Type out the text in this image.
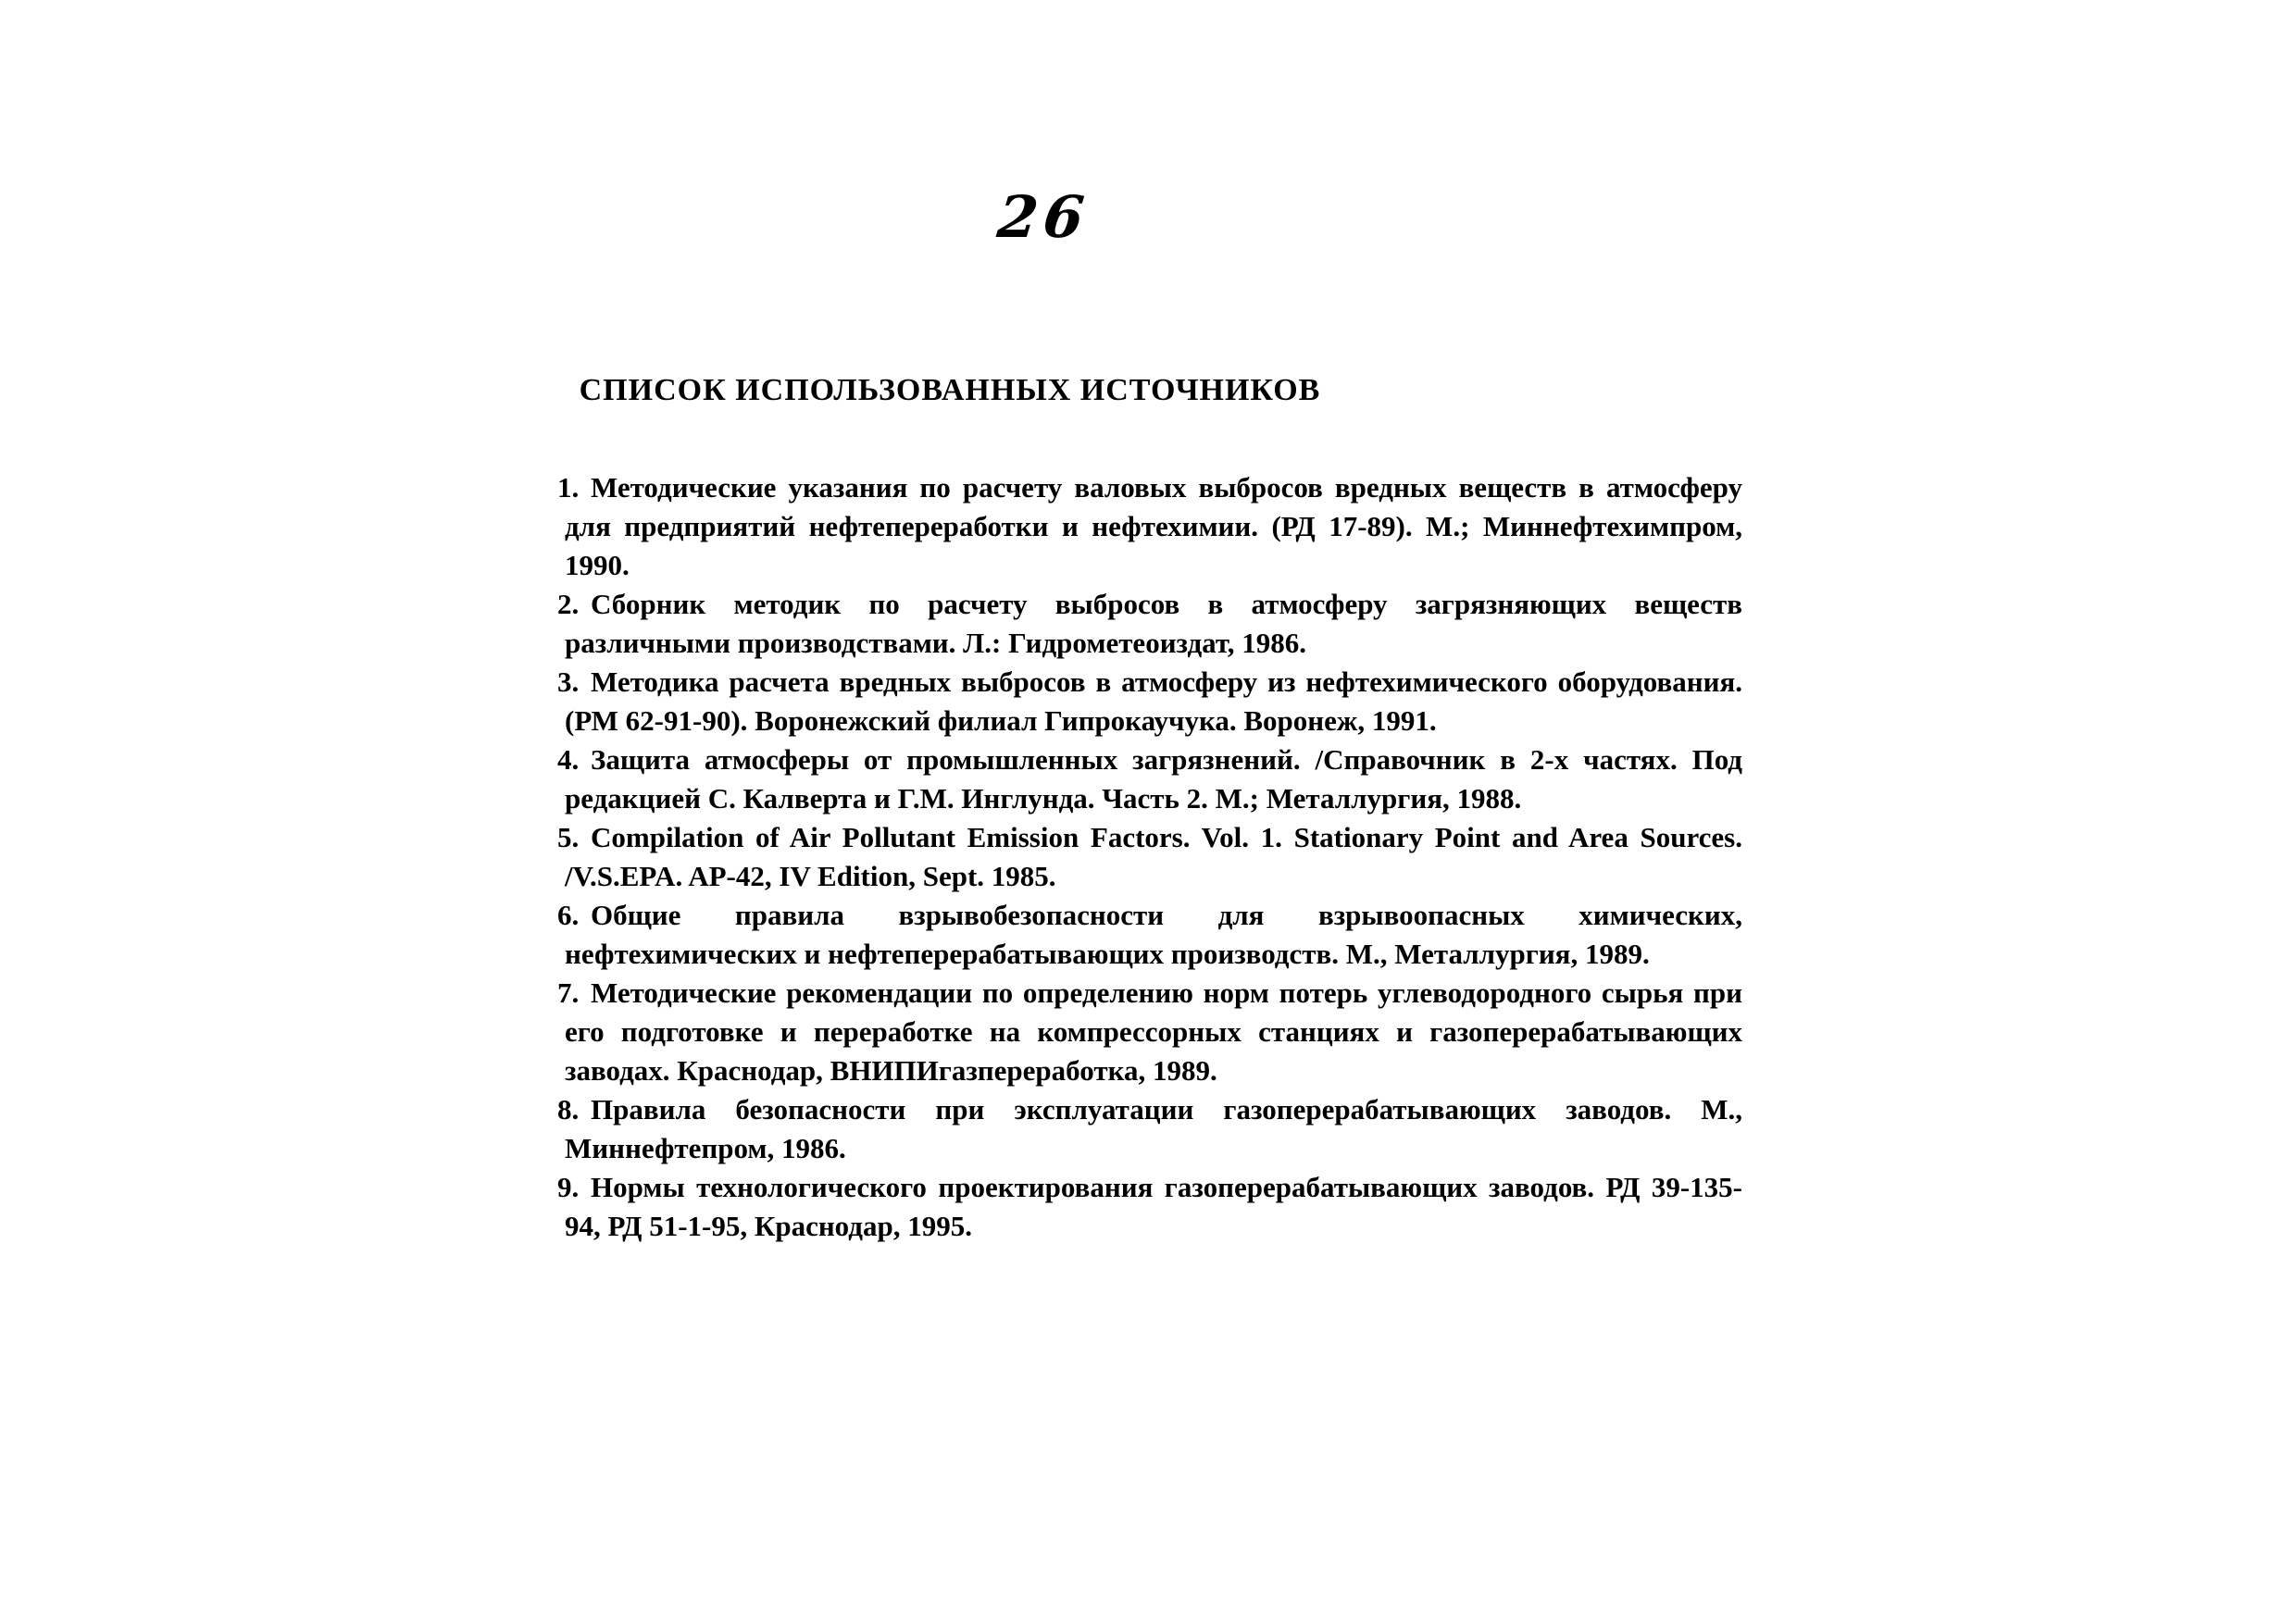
26
СПИСОК ИСПОЛЬЗОВАННЫХ ИСТОЧНИКОВ
1. Методические указания по расчету валовых выбросов вредных веществ в атмосферу для предприятий нефтепереработки и нефтехимии. (РД 17-89). М.; Миннефтехимпром, 1990.
2. Сборник методик по расчету выбросов в атмосферу загрязняющих веществ различными производствами. Л.: Гидрометеоиздат, 1986.
3. Методика расчета вредных выбросов в атмосферу из нефтехимического оборудования. (РМ 62-91-90). Воронежский филиал Гипрокаучука. Воронеж, 1991.
4. Защита атмосферы от промышленных загрязнений. /Справочник в 2-х частях. Под редакцией С. Калверта и Г.М. Инглунда. Часть 2. М.; Металлургия, 1988.
5. Compilation of Air Pollutant Emission Factors. Vol. 1. Stationary Point and Area Sources. /V.S.EPA. AP-42, IV Edition, Sept. 1985.
6. Общие правила взрывобезопасности для взрывоопасных химических, нефтехимических и нефтеперерабатывающих производств. М., Металлургия, 1989.
7. Методические рекомендации по определению норм потерь углеводородного сырья при его подготовке и переработке на компрессорных станциях и газоперерабатывающих заводах. Краснодар, ВНИПИгазпереработка, 1989.
8. Правила безопасности при эксплуатации газоперерабатывающих заводов. М., Миннефтепром, 1986.
9. Нормы технологического проектирования газоперерабатывающих заводов. РД 39-135-94, РД 51-1-95, Краснодар, 1995.
